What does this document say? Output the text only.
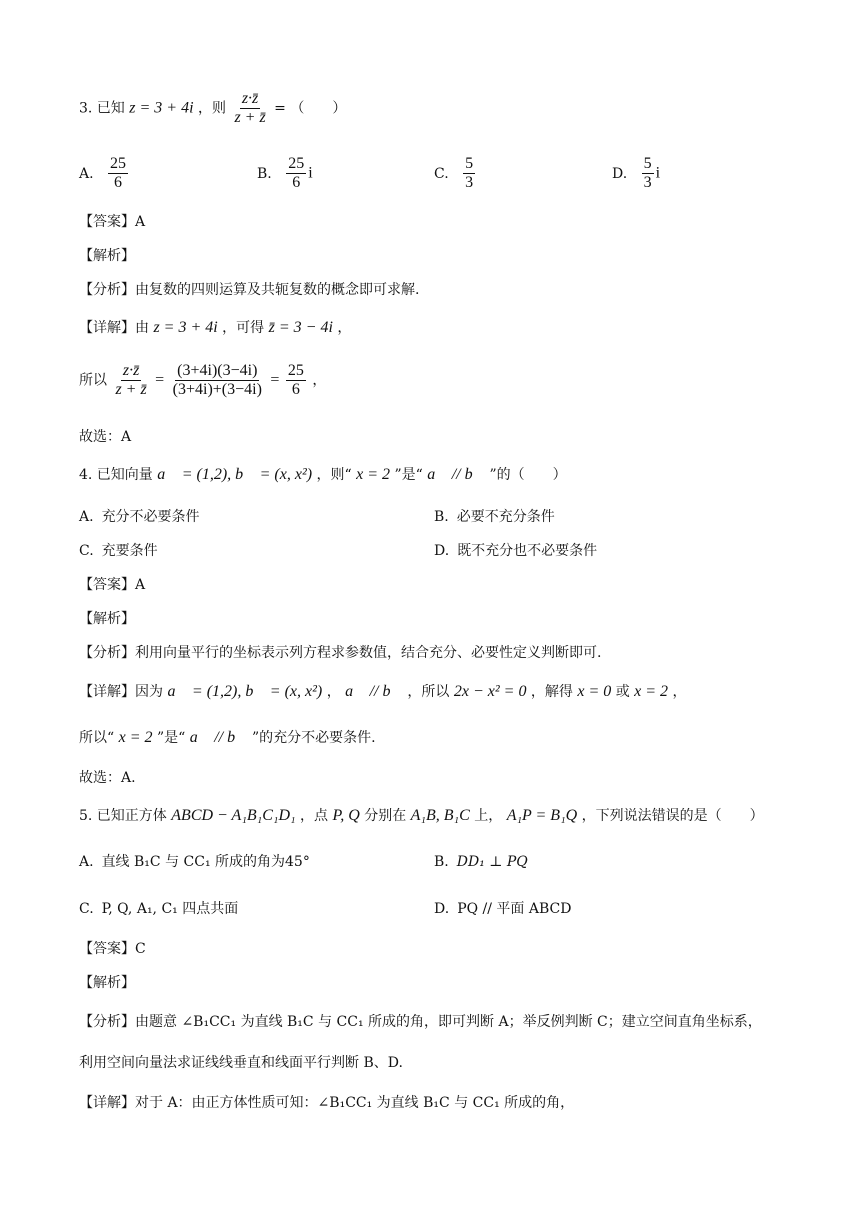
3. 已知 z = 3 + 4i ，则 $\frac{z\cdot z̄}{z + z̄}$ = （　　）
A. $\frac{25}{6}$	B. $\frac{25}{6}$ i	C. $\frac{5}{3}$	D. $\frac{5}{3}$ i
【答案】A
【解析】
【分析】由复数的四则运算及共轭复数的概念即可求解.
【详解】由 z = 3 + 4i ，可得 z̄ = 3 − 4i ，
所以 $\frac{z\cdot z̄}{z + z̄} = \frac{(3+4i)(3-4i)}{(3+4i)+(3-4i)} = \frac{25}{6}$ ，
故选：A
4. 已知向量 a⃗ = (1,2), b⃗ = (x, x²) ，则“ x = 2 ”是“ a⃗ // b⃗ ”的（　　）
A. 充分不必要条件	B. 必要不充分条件
C. 充要条件	D. 既不充分也不必要条件
【答案】A
【解析】
【分析】利用向量平行的坐标表示列方程求参数值，结合充分、必要性定义判断即可.
【详解】因为 a⃗ = (1,2), b⃗ = (x, x²) ， a⃗ // b⃗ ，所以 2x − x² = 0 ，解得 x = 0 或 x = 2 ，
所以“ x = 2 ”是“ a⃗ // b⃗ ”的充分不必要条件.
故选：A.
5. 已知正方体 ABCD − A₁B₁C₁D₁ ，点 P, Q 分别在 A₁B, B₁C 上， A₁P = B₁Q ，下列说法错误的是（　　）
A. 直线 B₁C 与 CC₁ 所成的角为45°	B. DD₁ ⊥ PQ
C. P, Q, A₁, C₁ 四点共面	D. PQ // 平面 ABCD
【答案】C
【解析】
【分析】由题意 ∠B₁CC₁ 为直线 B₁C 与 CC₁ 所成的角，即可判断 A；举反例判断 C；建立空间直角坐标系，
利用空间向量法求证线线垂直和线面平行判断 B、D.
【详解】对于 A：由正方体性质可知：∠B₁CC₁ 为直线 B₁C 与 CC₁ 所成的角，
